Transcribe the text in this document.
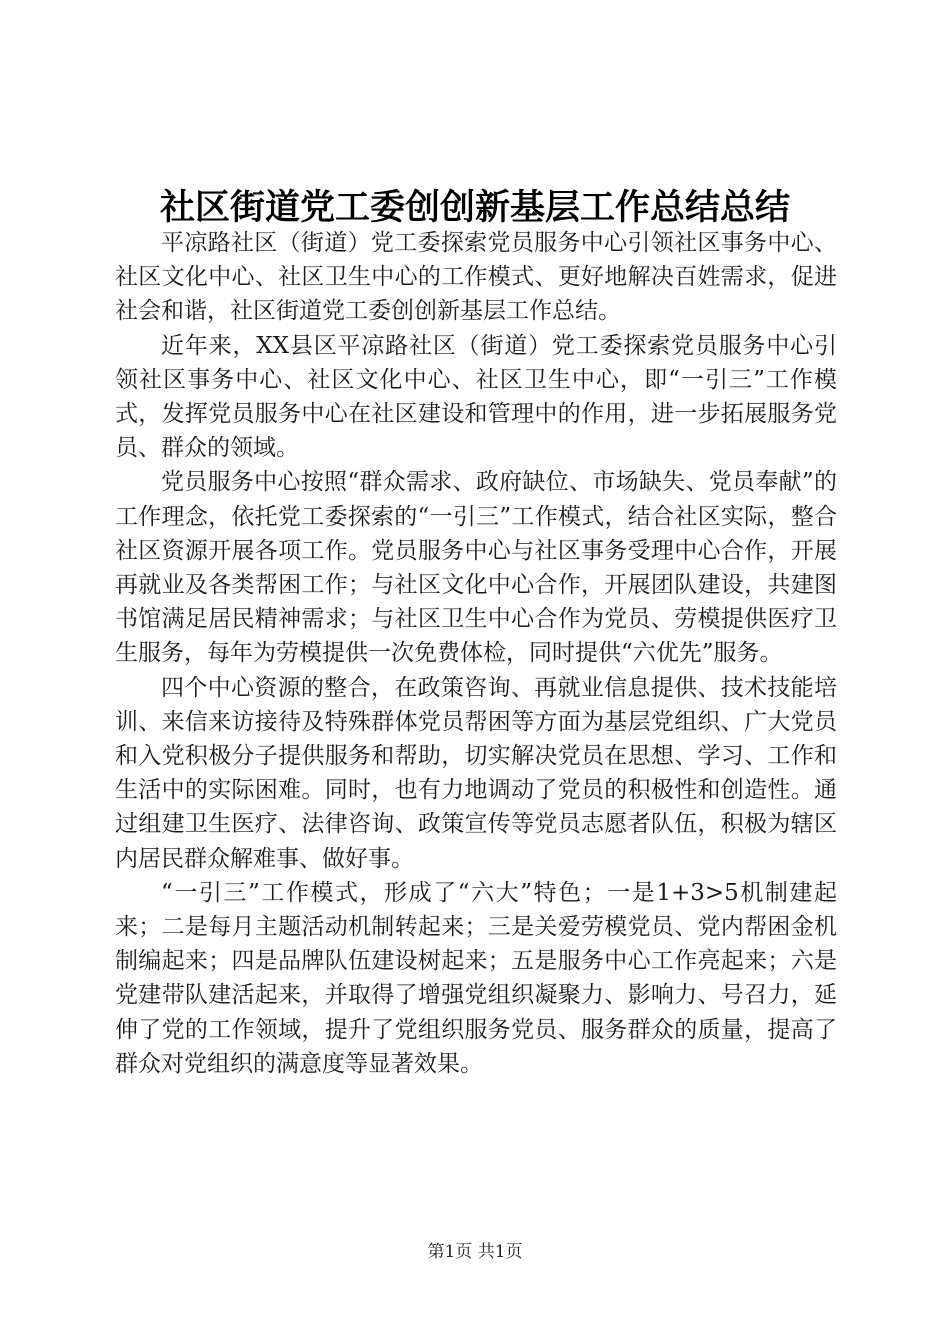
社区街道党工委创创新基层工作总结总结

平凉路社区（街道）党工委探索党员服务中心引领社区事务中心、社区文化中心、社区卫生中心的工作模式、更好地解决百姓需求，促进社会和谐，社区街道党工委创创新基层工作总结。

近年来，XX县区平凉路社区（街道）党工委探索党员服务中心引领社区事务中心、社区文化中心、社区卫生中心，即“一引三”工作模式，发挥党员服务中心在社区建设和管理中的作用，进一步拓展服务党员、群众的领域。

党员服务中心按照“群众需求、政府缺位、市场缺失、党员奉献”的工作理念，依托党工委探索的“一引三”工作模式，结合社区实际，整合社区资源开展各项工作。党员服务中心与社区事务受理中心合作，开展再就业及各类帮困工作；与社区文化中心合作，开展团队建设，共建图书馆满足居民精神需求；与社区卫生中心合作为党员、劳模提供医疗卫生服务，每年为劳模提供一次免费体检，同时提供“六优先”服务。

四个中心资源的整合，在政策咨询、再就业信息提供、技术技能培训、来信来访接待及特殊群体党员帮困等方面为基层党组织、广大党员和入党积极分子提供服务和帮助，切实解决党员在思想、学习、工作和生活中的实际困难。同时，也有力地调动了党员的积极性和创造性。通过组建卫生医疗、法律咨询、政策宣传等党员志愿者队伍，积极为辖区内居民群众解难事、做好事。

“一引三”工作模式，形成了“六大”特色；一是1+3>5机制建起来；二是每月主题活动机制转起来；三是关爱劳模党员、党内帮困金机制编起来；四是品牌队伍建设树起来；五是服务中心工作亮起来；六是党建带队建活起来，并取得了增强党组织凝聚力、影响力、号召力，延伸了党的工作领域，提升了党组织服务党员、服务群众的质量，提高了群众对党组织的满意度等显著效果。

第1页 共1页
